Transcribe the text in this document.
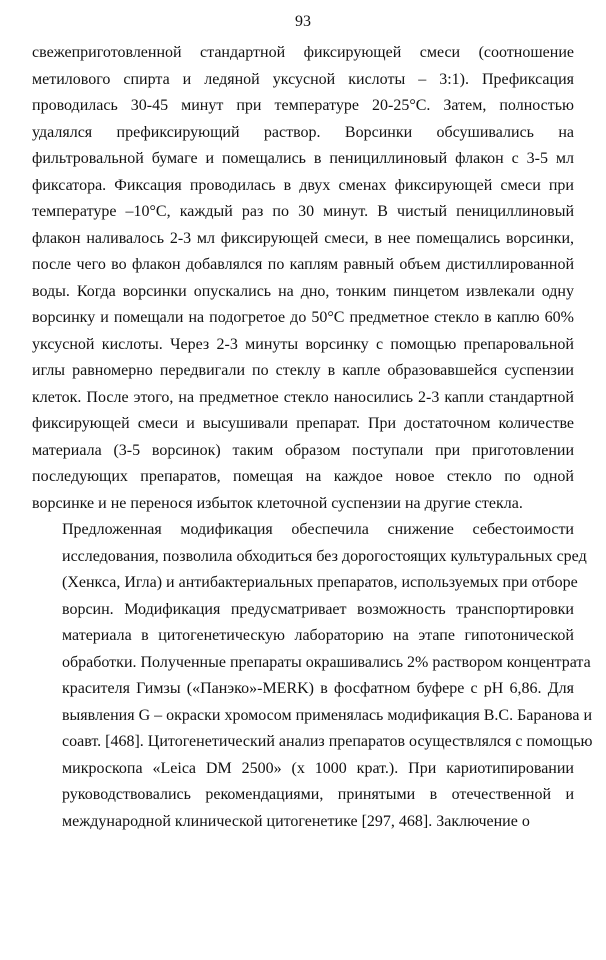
93
свежеприготовленной стандартной фиксирующей смеси (соотношение
метилового спирта и ледяной уксусной кислоты – 3:1). Префиксация
проводилась 30-45 минут при температуре 20-25°С. Затем, полностью
удалялся префиксирующий раствор. Ворсинки обсушивались на
фильтровальной бумаге и помещались в пенициллиновый флакон с 3-5 мл
фиксатора. Фиксация проводилась в двух сменах фиксирующей смеси при
температуре –10°С, каждый раз по 30 минут. В чистый пенициллиновый
флакон наливалось 2-3 мл фиксирующей смеси, в нее помещались ворсинки,
после чего во флакон добавлялся по каплям равный объем дистиллированной
воды. Когда ворсинки опускались на дно, тонким пинцетом извлекали одну
ворсинку и помещали на подогретое до 50°С предметное стекло в каплю 60%
уксусной кислоты. Через 2-3 минуты ворсинку с помощью препаровальной
иглы равномерно передвигали по стеклу в капле образовавшейся суспензии
клеток. После этого, на предметное стекло наносились 2-3 капли стандартной
фиксирующей смеси и высушивали препарат. При достаточном количестве
материала (3-5 ворсинок) таким образом поступали при приготовлении
последующих препаратов, помещая на каждое новое стекло по одной
ворсинке и не перенося избыток клеточной суспензии на другие стекла.
Предложенная модификация обеспечила снижение себестоимости
исследования, позволила обходиться без дорогостоящих культуральных сред
(Хенкса, Игла) и антибактериальных препаратов, используемых при отборе
ворсин. Модификация предусматривает возможность транспортировки
материала в цитогенетическую лабораторию на этапе гипотонической
обработки. Полученные препараты окрашивались 2% раствором концентрата
красителя Гимзы («Панэко»-MERK) в фосфатном буфере с pH 6,86. Для
выявления G – окраски хромосом применялась модификация В.С. Баранова и
соавт. [468]. Цитогенетический анализ препаратов осуществлялся с помощью
микроскопа «Leica DM 2500» (х 1000 крат.). При кариотипировании
руководствовались рекомендациями, принятыми в отечественной и
международной клинической цитогенетике [297, 468]. Заключение о
